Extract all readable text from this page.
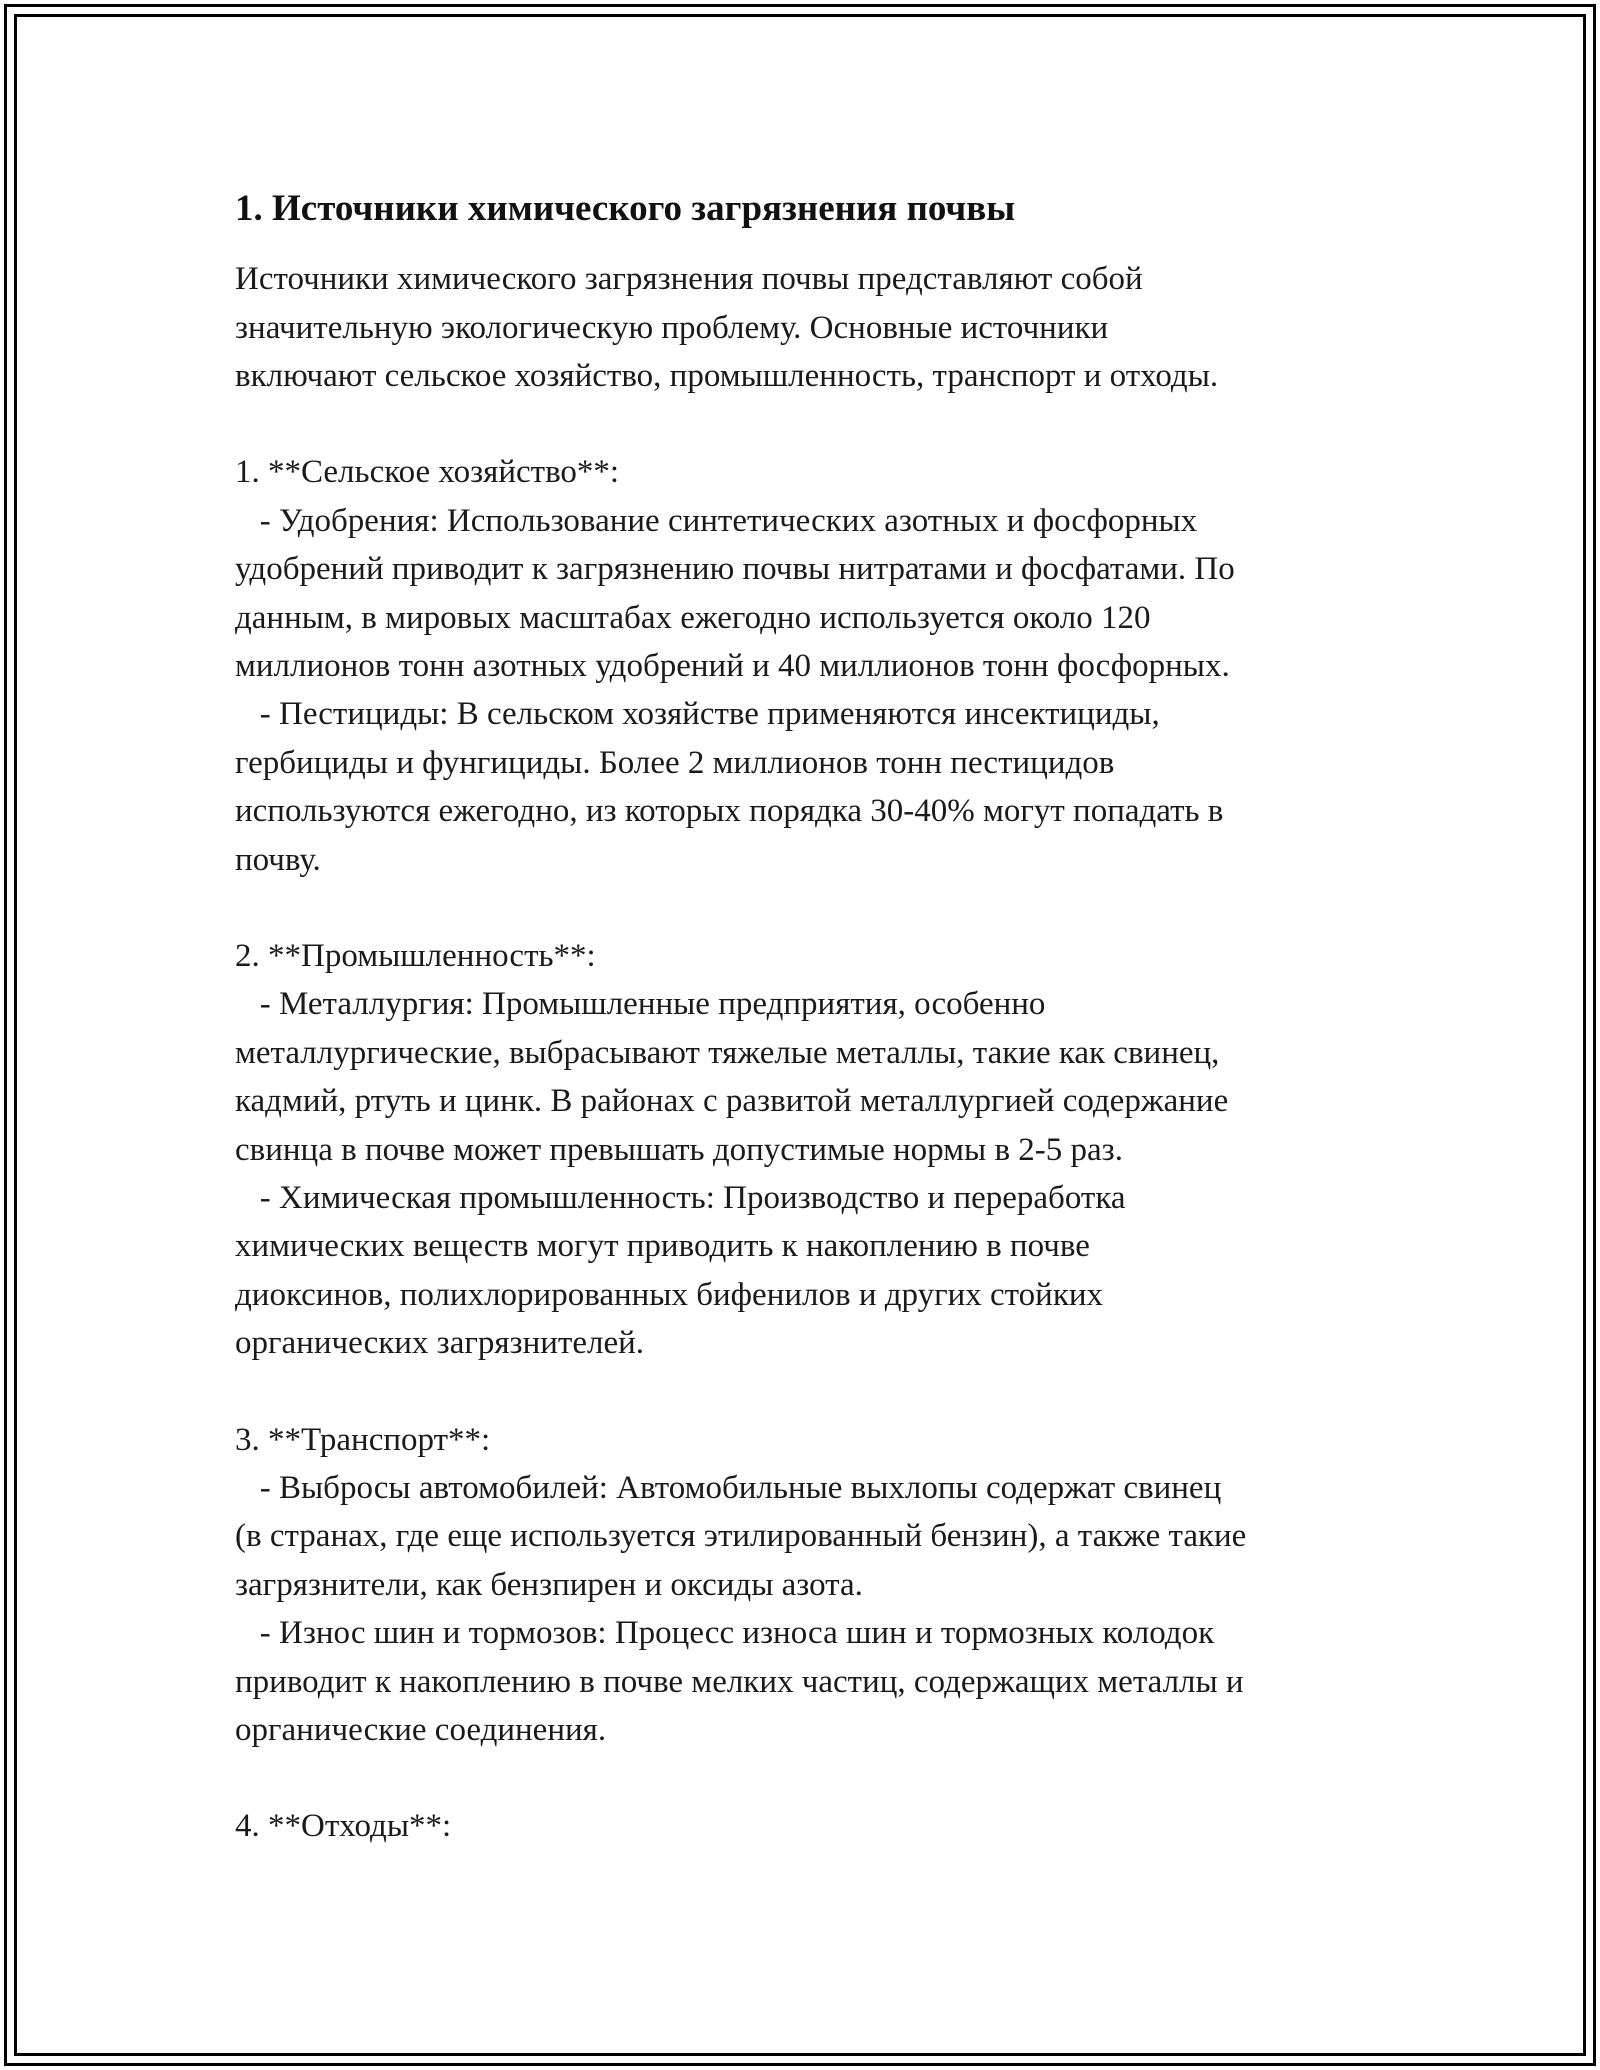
1. Источники химического загрязнения почвы

Источники химического загрязнения почвы представляют собой
значительную экологическую проблему. Основные источники
включают сельское хозяйство, промышленность, транспорт и отходы.

1. **Сельское хозяйство**:

- Удобрения: Использование синтетических азотных и фосфорных
удобрений приводит к загрязнению почвы нитратами и фосфатами. По
данным, в мировых масштабах ежегодно используется около 120
миллионов тонн азотных удобрений и 40 миллионов тонн фосфорных.

- Пестициды: В сельском хозяйстве применяются инсектициды,
гербициды и фунгициды. Более 2 миллионов тонн пестицидов
используются ежегодно, из которых порядка 30-40% могут попадать в
почву.

2. **Промышленность**:

- Металлургия: Промышленные предприятия, особенно
металлургические, выбрасывают тяжелые металлы, такие как свинец,
кадмий, ртуть и цинк. В районах с развитой металлургией содержание
свинца в почве может превышать допустимые нормы в 2-5 раз.

- Химическая промышленность: Производство и переработка
химических веществ могут приводить к накоплению в почве
диоксинов, полихлорированных бифенилов и других стойких
органических загрязнителей.

3. **Транспорт**:

- Выбросы автомобилей: Автомобильные выхлопы содержат свинец
(в странах, где еще используется этилированный бензин), а также такие
загрязнители, как бензпирен и оксиды азота.

- Износ шин и тормозов: Процесс износа шин и тормозных колодок
приводит к накоплению в почве мелких частиц, содержащих металлы и
органические соединения.

4. **Отходы**:
